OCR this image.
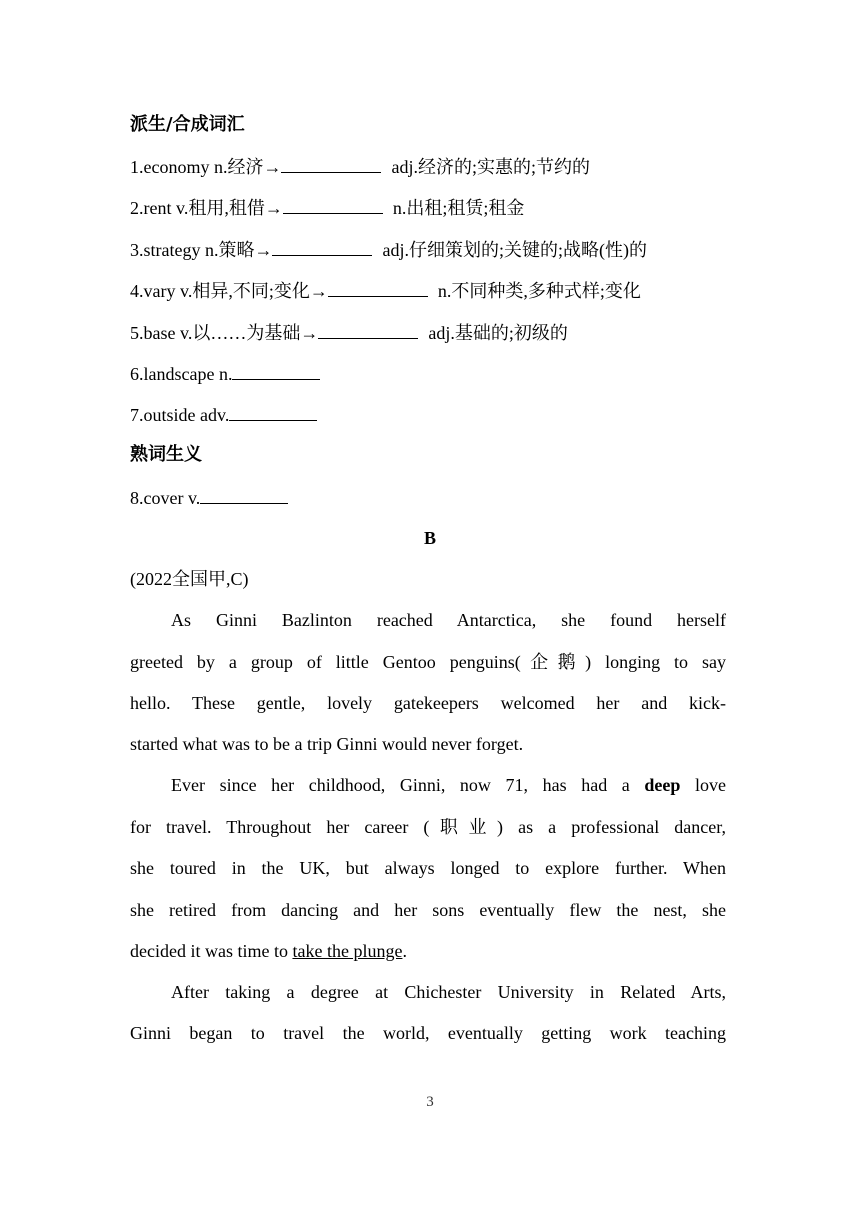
派生/合成词汇
1.economy n.经济→	adj.经济的;实惠的;节约的
2.rent v.租用,租借→	n.出租;租赁;租金
3.strategy n.策略→	adj.仔细策划的;关键的;战略(性)的
4.vary v.相异,不同;变化→	n.不同种类,多种式样;变化
5.base v.以……为基础→	adj.基础的;初级的
6.landscape n.
7.outside adv.
熟词生义
8.cover v.
B
(2022全国甲,C)
As Ginni Bazlinton reached Antarctica, she found herself
greeted by a group of little Gentoo penguins(企鹅) longing to say
hello. These gentle, lovely gatekeepers welcomed her and kick-
started what was to be a trip Ginni would never forget.
Ever since her childhood, Ginni, now 71, has had a deep love
for travel. Throughout her career (职业) as a professional dancer,
she toured in the UK, but always longed to explore further. When
she retired from dancing and her sons eventually flew the nest, she
decided it was time to take the plunge.
After taking a degree at Chichester University in Related Arts,
Ginni began to travel the world, eventually getting work teaching
3
